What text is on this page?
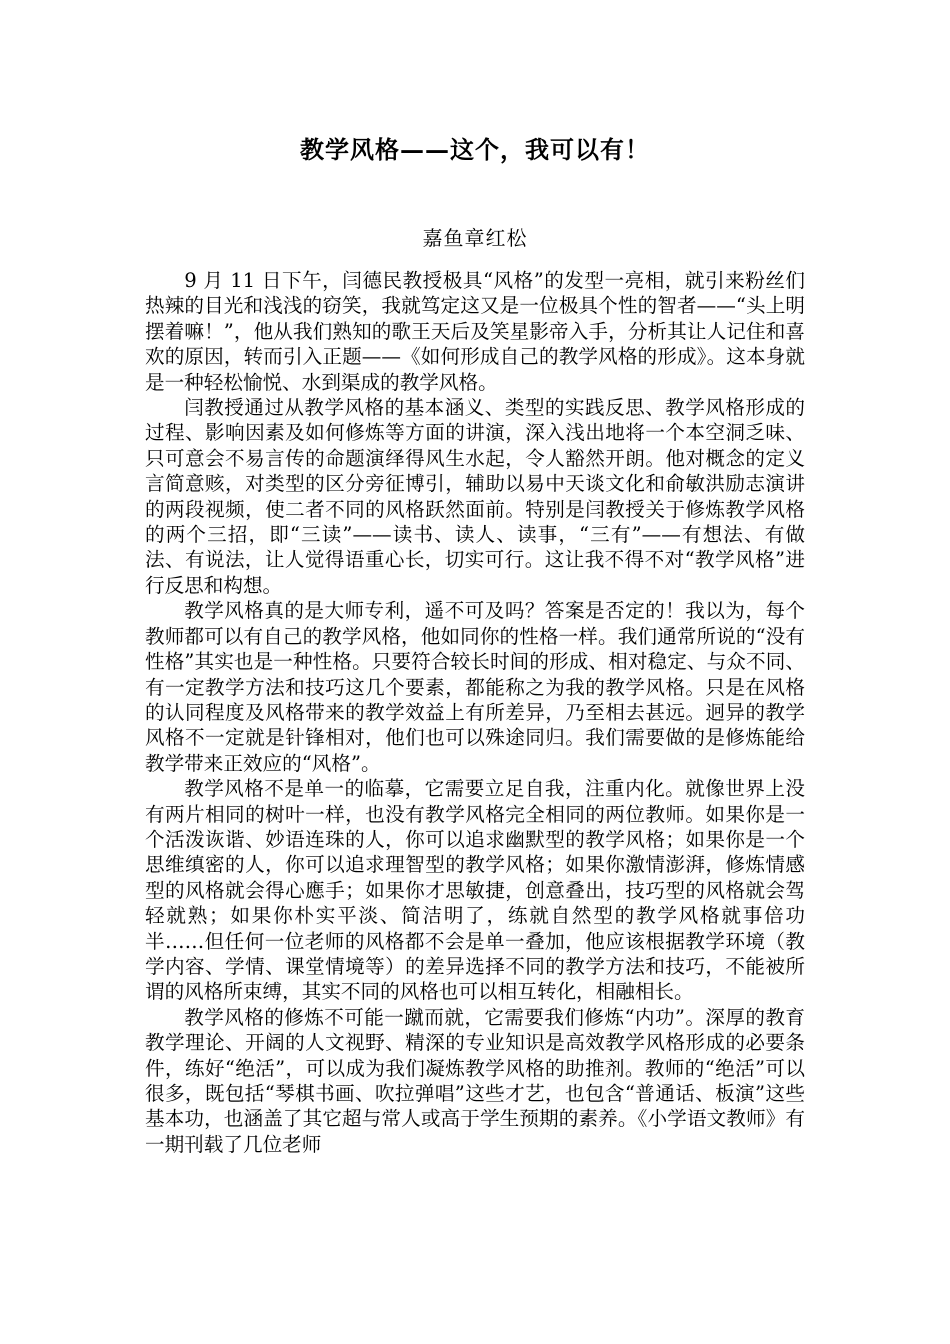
教学风格——这个，我可以有！
嘉鱼章红松

9 月 11 日下午，闫德民教授极具“风格”的发型一亮相，就引来粉丝们热辣的目光和浅浅的窃笑，我就笃定这又是一位极具个性的智者——“头上明摆着嘛！”，他从我们熟知的歌王天后及笑星影帝入手，分析其让人记住和喜欢的原因，转而引入正题——《如何形成自己的教学风格的形成》。这本身就是一种轻松愉悦、水到渠成的教学风格。

闫教授通过从教学风格的基本涵义、类型的实践反思、教学风格形成的过程、影响因素及如何修炼等方面的讲演，深入浅出地将一个本空洞乏味、只可意会不易言传的命题演绎得风生水起，令人豁然开朗。他对概念的定义言简意赅，对类型的区分旁征博引，辅助以易中天谈文化和俞敏洪励志演讲的两段视频，使二者不同的风格跃然面前。特别是闫教授关于修炼教学风格的两个三招，即“三读”——读书、读人、读事，“三有”——有想法、有做法、有说法，让人觉得语重心长，切实可行。这让我不得不对“教学风格”进行反思和构想。

教学风格真的是大师专利，遥不可及吗？答案是否定的！我以为，每个教师都可以有自己的教学风格，他如同你的性格一样。我们通常所说的“没有性格”其实也是一种性格。只要符合较长时间的形成、相对稳定、与众不同、有一定教学方法和技巧这几个要素，都能称之为我的教学风格。只是在风格的认同程度及风格带来的教学效益上有所差异，乃至相去甚远。迥异的教学风格不一定就是针锋相对，他们也可以殊途同归。我们需要做的是修炼能给教学带来正效应的“风格”。

教学风格不是单一的临摹，它需要立足自我，注重内化。就像世界上没有两片相同的树叶一样，也没有教学风格完全相同的两位教师。如果你是一个活泼诙谐、妙语连珠的人，你可以追求幽默型的教学风格；如果你是一个思维缜密的人，你可以追求理智型的教学风格；如果你激情澎湃，修炼情感型的风格就会得心應手；如果你才思敏捷，创意叠出，技巧型的风格就会驾轻就熟；如果你朴实平淡、简洁明了，练就自然型的教学风格就事倍功半……但任何一位老师的风格都不会是单一叠加，他应该根据教学环境（教学内容、学情、课堂情境等）的差异选择不同的教学方法和技巧，不能被所谓的风格所束缚，其实不同的风格也可以相互转化，相融相长。

教学风格的修炼不可能一蹴而就，它需要我们修炼“内功”。深厚的教育教学理论、开阔的人文视野、精深的专业知识是高效教学风格形成的必要条件，练好“绝活”，可以成为我们凝炼教学风格的助推剂。教师的“绝活”可以很多，既包括“琴棋书画、吹拉弹唱”这些才艺，也包含“普通话、板演”这些基本功，也涵盖了其它超与常人或高于学生预期的素养。《小学语文教师》有一期刊载了几位老师
